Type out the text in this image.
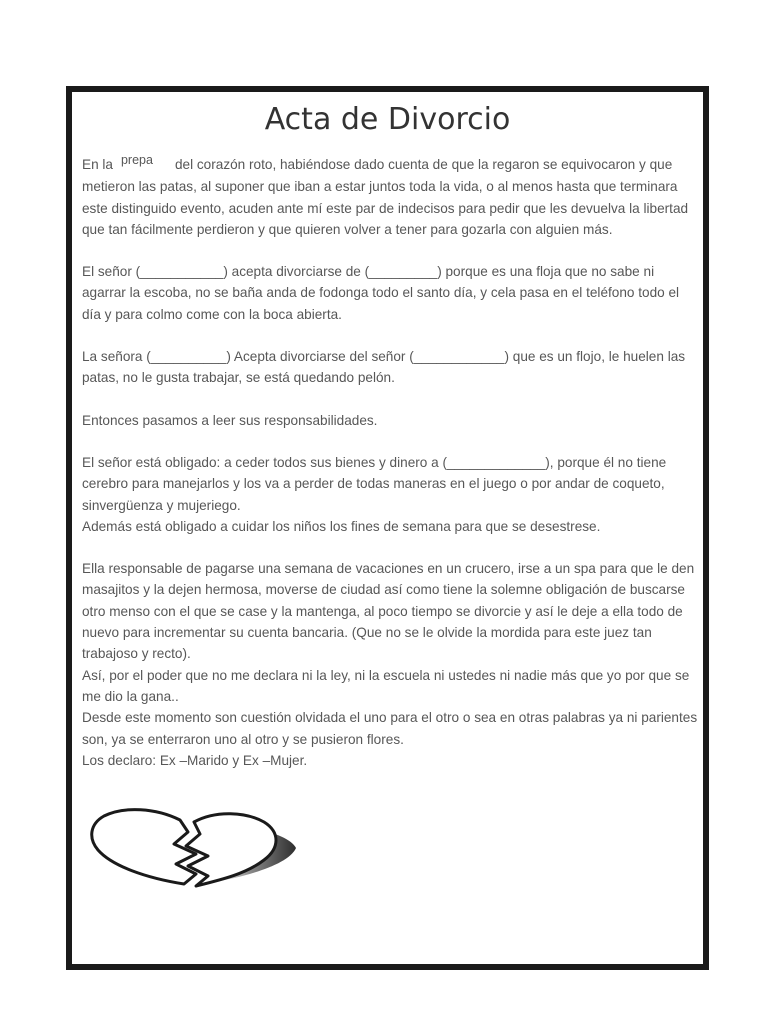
Acta de Divorcio

En la prepa del corazón roto, habiéndose dado cuenta de que la regaron se equivocaron y que metieron las patas, al suponer que iban a estar juntos toda la vida, o al menos hasta que terminara este distinguido evento, acuden ante mí este par de indecisos para pedir que les devuelva la libertad que tan fácilmente perdieron y que quieren volver a tener para gozarla con alguien más.

El señor (___________) acepta divorciarse de (_________) porque es una floja que no sabe ni agarrar la escoba, no se baña anda de fodonga todo el santo día, y cela pasa en el teléfono todo el día y para colmo come con la boca abierta.

La señora (__________) Acepta divorciarse del señor (____________) que es un flojo, le huelen las patas, no le gusta trabajar, se está quedando pelón.

Entonces pasamos a leer sus responsabilidades.

El señor está obligado: a ceder todos sus bienes y dinero a (_____________), porque él no tiene cerebro para manejarlos y los va a perder de todas maneras en el juego o por andar de coqueto, sinvergüenza y mujeriego.

Además está obligado a cuidar los niños los fines de semana para que se desestrese.

Ella responsable de pagarse una semana de vacaciones en un crucero, irse a un spa para que le den masajitos y la dejen hermosa, moverse de ciudad así como tiene la solemne obligación de buscarse otro menso con el que se case y la mantenga, al poco tiempo se divorcie y así le deje a ella todo de nuevo para incrementar su cuenta bancaria. (Que no se le olvide la mordida para este juez tan trabajoso y recto).

Así, por el poder que no me declara ni la ley, ni la escuela ni ustedes ni nadie más que yo por que se me dio la gana..

Desde este momento son cuestión olvidada el uno para el otro o sea en otras palabras ya ni parientes son, ya se enterraron uno al otro y se pusieron flores.

Los declaro: Ex –Marido y Ex –Mujer.
